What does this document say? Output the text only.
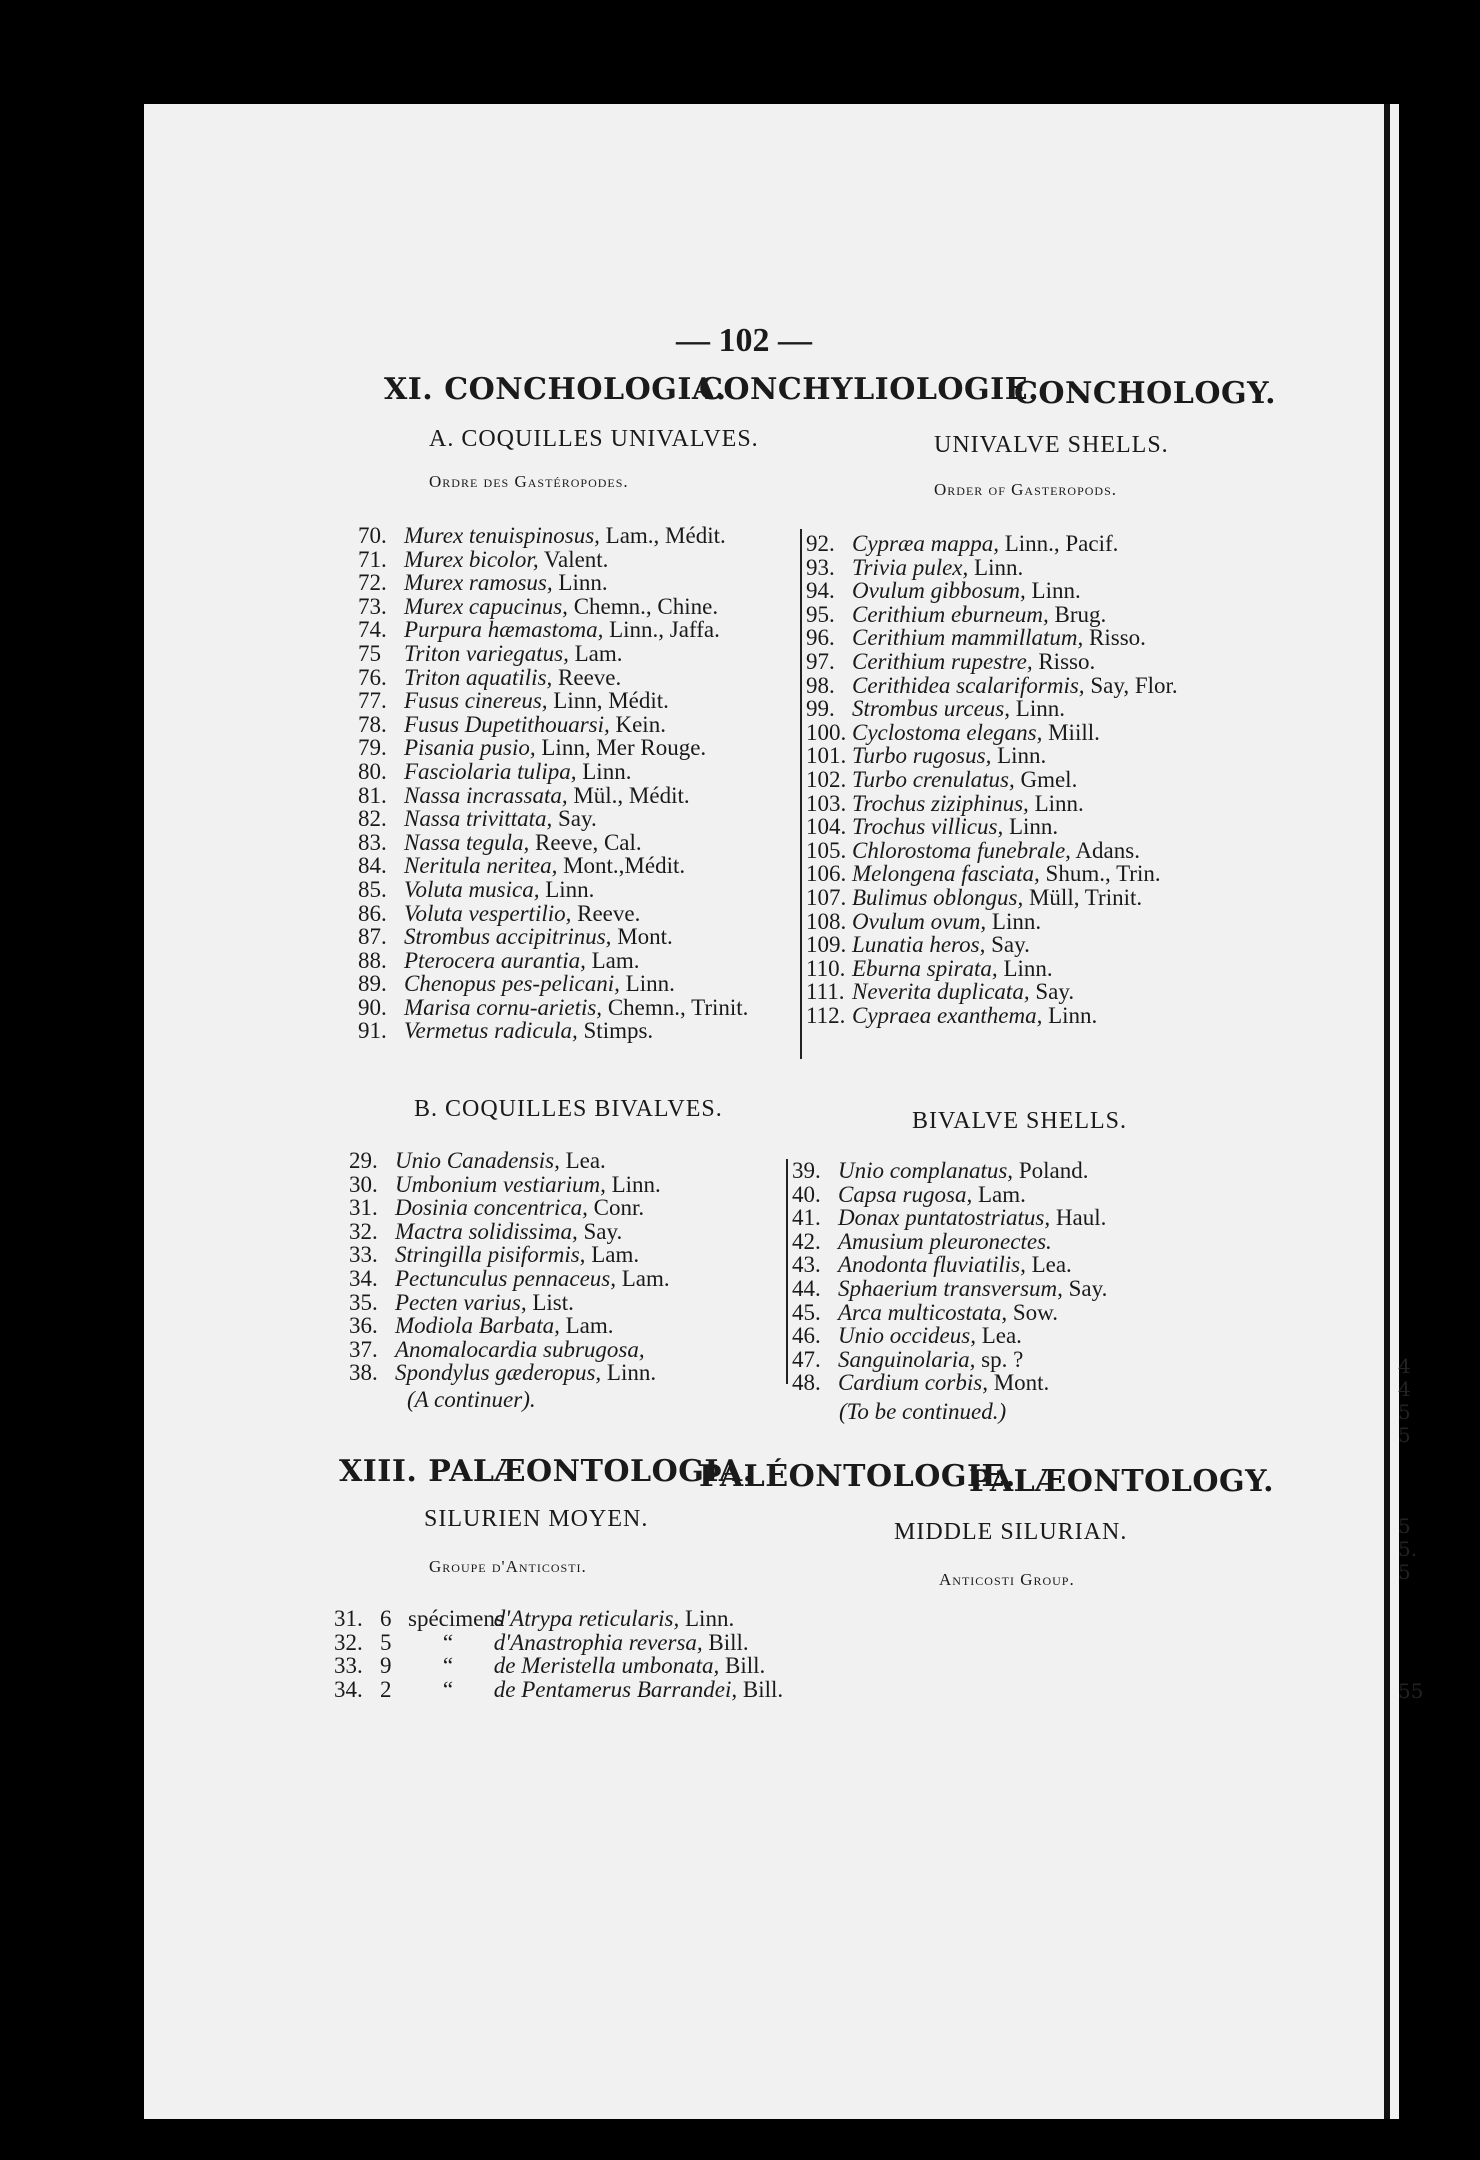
— 102 —
XI. CONCHOLOGIA.
CONCHYLIOLOGIE.
CONCHOLOGY.
A. COQUILLES UNIVALVES.	UNIVALVE SHELLS.
Ordre des Gastéropodes.	Order of Gasteropods.
70. Murex tenuispinosus, Lam., Médit.
71. Murex bicolor, Valent.
72. Murex ramosus, Linn.
73. Murex capucinus, Chemn., Chine.
74. Purpura hæmastoma, Linn., Jaffa.
75 Triton variegatus, Lam.
76. Triton aquatilis, Reeve.
77. Fusus cinereus, Linn, Médit.
78. Fusus Dupetithouarsi, Kein.
79. Pisania pusio, Linn, Mer Rouge.
80. Fasciolaria tulipa, Linn.
81. Nassa incrassata, Mül., Médit.
82. Nassa trivittata, Say.
83. Nassa tegula, Reeve, Cal.
84. Neritula neritea, Mont.,Médit.
85. Voluta musica, Linn.
86. Voluta vespertilio, Reeve.
87. Strombus accipitrinus, Mont.
88. Pterocera aurantia, Lam.
89. Chenopus pes-pelicani, Linn.
90. Marisa cornu-arietis, Chemn., Trinit.
91. Vermetus radicula, Stimps.
92. Cypræa mappa, Linn., Pacif.
93. Trivia pulex, Linn.
94. Ovulum gibbosum, Linn.
95. Cerithium eburneum, Brug.
96. Cerithium mammillatum, Risso.
97. Cerithium rupestre, Risso.
98. Cerithidea scalariformis, Say, Flor.
99. Strombus urceus, Linn.
100. Cyclostoma elegans, Miill.
101. Turbo rugosus, Linn.
102. Turbo crenulatus, Gmel.
103. Trochus ziziphinus, Linn.
104. Trochus villicus, Linn.
105. Chlorostoma funebrale, Adans.
106. Melongena fasciata, Shum., Trin.
107. Bulimus oblongus, Müll, Trinit.
108. Ovulum ovum, Linn.
109. Lunatia heros, Say.
110. Eburna spirata, Linn.
111. Neverita duplicata, Say.
112. Cypraea exanthema, Linn.
B. COQUILLES BIVALVES.	BIVALVE SHELLS.
29. Unio Canadensis, Lea.
30. Umbonium vestiarium, Linn.
31. Dosinia concentrica, Conr.
32. Mactra solidissima, Say.
33. Stringilla pisiformis, Lam.
34. Pectunculus pennaceus, Lam.
35. Pecten varius, List.
36. Modiola Barbata, Lam.
37. Anomalocardia subrugosa,
38. Spondylus gæderopus, Linn.
(A continuer).
39. Unio complanatus, Poland.
40. Capsa rugosa, Lam.
41. Donax puntatostriatus, Haul.
42. Amusium pleuronectes.
43. Anodonta fluviatilis, Lea.
44. Sphaerium transversum, Say.
45. Arca multicostata, Sow.
46. Unio occideus, Lea.
47. Sanguinolaria, sp. ?
48. Cardium corbis, Mont.
(To be continued.)
XIII. PALÆONTOLOGIA.
PALÉONTOLOGIE.
PALÆONTOLOGY.
SILURIEN MOYEN.	MIDDLE SILURIAN.
Groupe d'Anticosti.
Anticosti Group.
31. 6 spécimens d'Atrypa reticularis, Linn.
32. 5 “ d'Anastrophia reversa, Bill.
33. 9 “ de Meristella umbonata, Bill.
34. 2 “ de Pentamerus Barrandei, Bill.
4
4
5
5
5
5.
5
55
